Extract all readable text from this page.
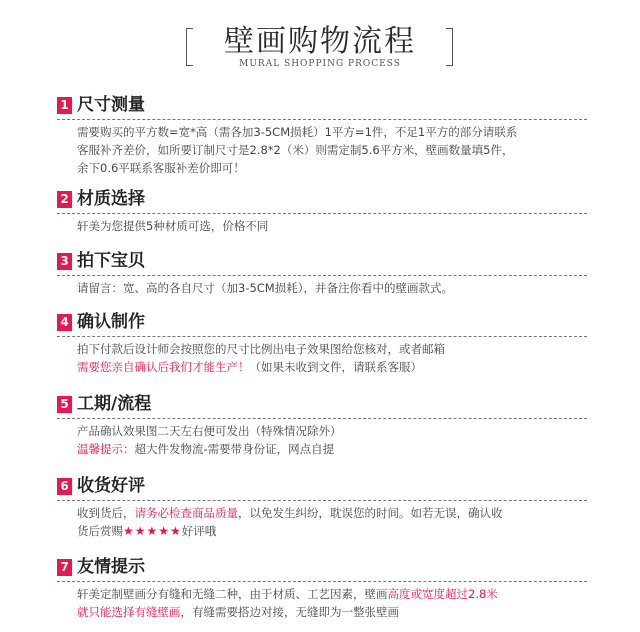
壁画购物流程
MURAL SHOPPING PROCESS
1 尺寸测量
需要购买的平方数=宽*高（需各加3-5CM损耗）1平方=1件，不足1平方的部分请联系
客服补齐差价，如所要订制尺寸是2.8*2（米）则需定制5.6平方米，壁画数量填5件，
余下0.6平联系客服补差价即可！
2 材质选择
轩美为您提供5种材质可选，价格不同
3 拍下宝贝
请留言：宽、高的各自尺寸（加3-5CM损耗），并备注你看中的壁画款式。
4 确认制作
拍下付款后设计师会按照您的尺寸比例出电子效果图给您核对，或者邮箱
需要您亲自确认后我们才能生产！（如果未收到文件，请联系客服）
5 工期/流程
产品确认效果图二天左右便可发出（特殊情况除外）
温馨提示：超大件发物流-需要带身份证，网点自提
6 收货好评
收到货后，请务必检查商品质量，以免发生纠纷，耽误您的时间。如若无误，确认收
货后赏赐★★★★★好评哦
7 友情提示
轩美定制壁画分有缝和无缝二种，由于材质、工艺因素，壁画高度或宽度超过2.8米
就只能选择有缝壁画，有缝需要搭边对接，无缝即为一整张壁画
